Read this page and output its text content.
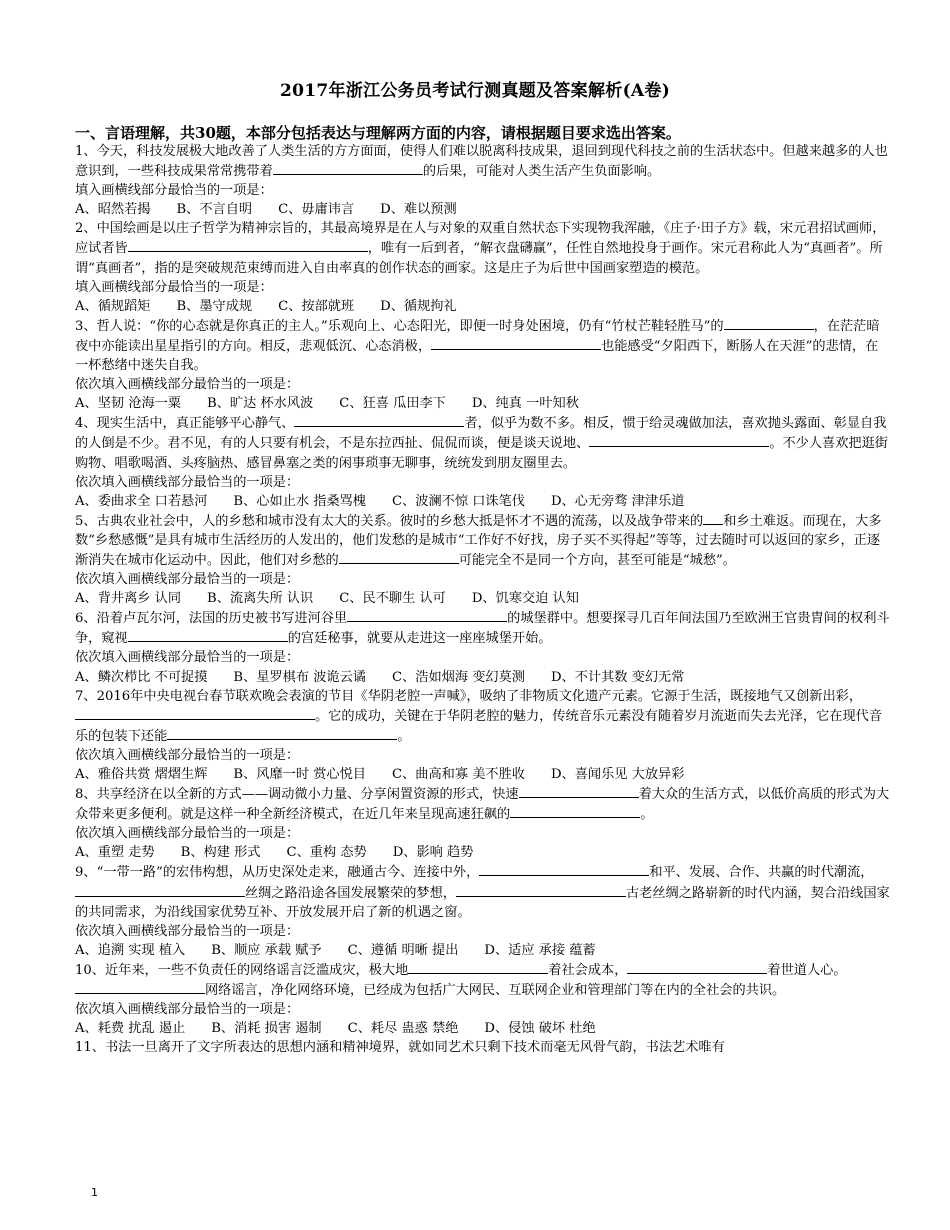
2017年浙江公务员考试行测真题及答案解析(A卷)
一、言语理解，共30题，本部分包括表达与理解两方面的内容，请根据题目要求选出答案。

1、今天，科技发展极大地改善了人类生活的方方面面，使得人们难以脱离科技成果，退回到现代科技之前的生活状态中。但越来越多的人也意识到，一些科技成果常常携带着	的后果，可能对人类生活产生负面影响。

填入画横线部分最恰当的一项是：

A、昭然若揭 B、不言自明 C、毋庸讳言 D、难以预测

2、中国绘画是以庄子哲学为精神宗旨的，其最高境界是在人与对象的双重自然状态下实现物我浑融，《庄子·田子方》载，宋元君招试画师，应试者皆	，唯有一后到者，“解衣盘礴赢”，任性自然地投身于画作。宋元君称此人为“真画者”。所谓“真画者”，指的是突破规范束缚而进入自由率真的创作状态的画家。这是庄子为后世中国画家塑造的模范。

填入画横线部分最恰当的一项是：

A、循规蹈矩 B、墨守成规 C、按部就班 D、循规拘礼

3、哲人说：“你的心态就是你真正的主人。”乐观向上、心态阳光，即便一时身处困境，仍有“竹杖芒鞋轻胜马”的	，在茫茫暗夜中亦能读出星星指引的方向。相反，悲观低沉、心态消极，	也能感受“夕阳西下，断肠人在天涯”的悲情，在一杯愁绪中迷失自我。

依次填入画横线部分最恰当的一项是：

A、坚韧 沧海一粟 B、旷达 杯水风波 C、狂喜 瓜田李下 D、纯真 一叶知秋

4、现实生活中，真正能够平心静气、	者，似乎为数不多。相反，惯于给灵魂做加法，喜欢抛头露面、彰显自我的人倒是不少。君不见，有的人只要有机会，不是东拉西扯、侃侃而谈，便是谈天说地、	。不少人喜欢把逛街购物、唱歌喝酒、头疼脑热、感冒鼻塞之类的闲事琐事无聊事，统统发到朋友圈里去。

依次填入画横线部分最恰当的一项是：

A、委曲求全 口若悬河 B、心如止水 指桑骂槐 C、波澜不惊 口诛笔伐 D、心无旁骛 津津乐道

5、古典农业社会中，人的乡愁和城市没有太大的关系。彼时的乡愁大抵是怀才不遇的流荡，以及战争带来的 和乡土难返。而现在，大多数“乡愁感慨”是具有城市生活经历的人发出的，他们发愁的是城市“工作好不好找，房子买不买得起”等等，过去随时可以返回的家乡，正逐渐消失在城市化运动中。因此，他们对乡愁的	可能完全不是同一个方向，甚至可能是“城愁”。

依次填入画横线部分最恰当的一项是：

A、背井离乡 认同 B、流离失所 认识 C、民不聊生 认可 D、饥寒交迫 认知

6、沿着卢瓦尔河，法国的历史被书写进河谷里	的城堡群中。想要探寻几百年间法国乃至欧洲王官贵胄间的权利斗争，窥视	的宫廷秘事，就要从走进这一座座城堡开始。

依次填入画横线部分最恰当的一项是：

A、鳞次栉比 不可捉摸 B、星罗棋布 波诡云谲 C、浩如烟海 变幻莫测 D、不计其数 变幻无常

7、2016年中央电视台春节联欢晚会表演的节目《华阴老腔一声喊》，吸纳了非物质文化遗产元素。它源于生活，既接地气又创新出彩，。它的成功，关键在于华阴老腔的魅力，传统音乐元素没有随着岁月流逝而失去光泽，它在现代音乐的包装下还能	。

依次填入画横线部分最恰当的一项是：

A、雅俗共赏 熠熠生辉 B、风靡一时 赏心悦目 C、曲高和寡 美不胜收 D、喜闻乐见 大放异彩

8、共享经济在以全新的方式——调动微小力量、分享闲置资源的形式，快速	着大众的生活方式，以低价高质的形式为大众带来更多便利。就是这样一种全新经济模式，在近几年来呈现高速狂飙的	。

依次填入画横线部分最恰当的一项是：

A、重塑 走势 B、构建 形式 C、重构 态势 D、影响 趋势

9、“一带一路”的宏伟构想，从历史深处走来，融通古今、连接中外，	和平、发展、合作、共赢的时代潮流，丝绸之路沿途各国发展繁荣的梦想，	古老丝绸之路崭新的时代内涵，契合沿线国家的共同需求，为沿线国家优势互补、开放发展开启了新的机遇之窗。

依次填入画横线部分最恰当的一项是：

A、追溯 实现 植入 B、顺应 承载 赋予 C、遵循 明晰 提出 D、适应 承接 蕴蓄

10、近年来，一些不负责任的网络谣言泛滥成灾，极大地	着社会成本，	着世道人心。网络谣言，净化网络环境，已经成为包括广大网民、互联网企业和管理部门等在内的全社会的共识。

依次填入画横线部分最恰当的一项是：

A、耗费 扰乱 遏止 B、消耗 损害 遏制 C、耗尽 蛊惑 禁绝 D、侵蚀 破坏 杜绝

11、书法一旦离开了文字所表达的思想内涵和精神境界，就如同艺术只剩下技术而毫无风骨气韵，书法艺术唯有

1
